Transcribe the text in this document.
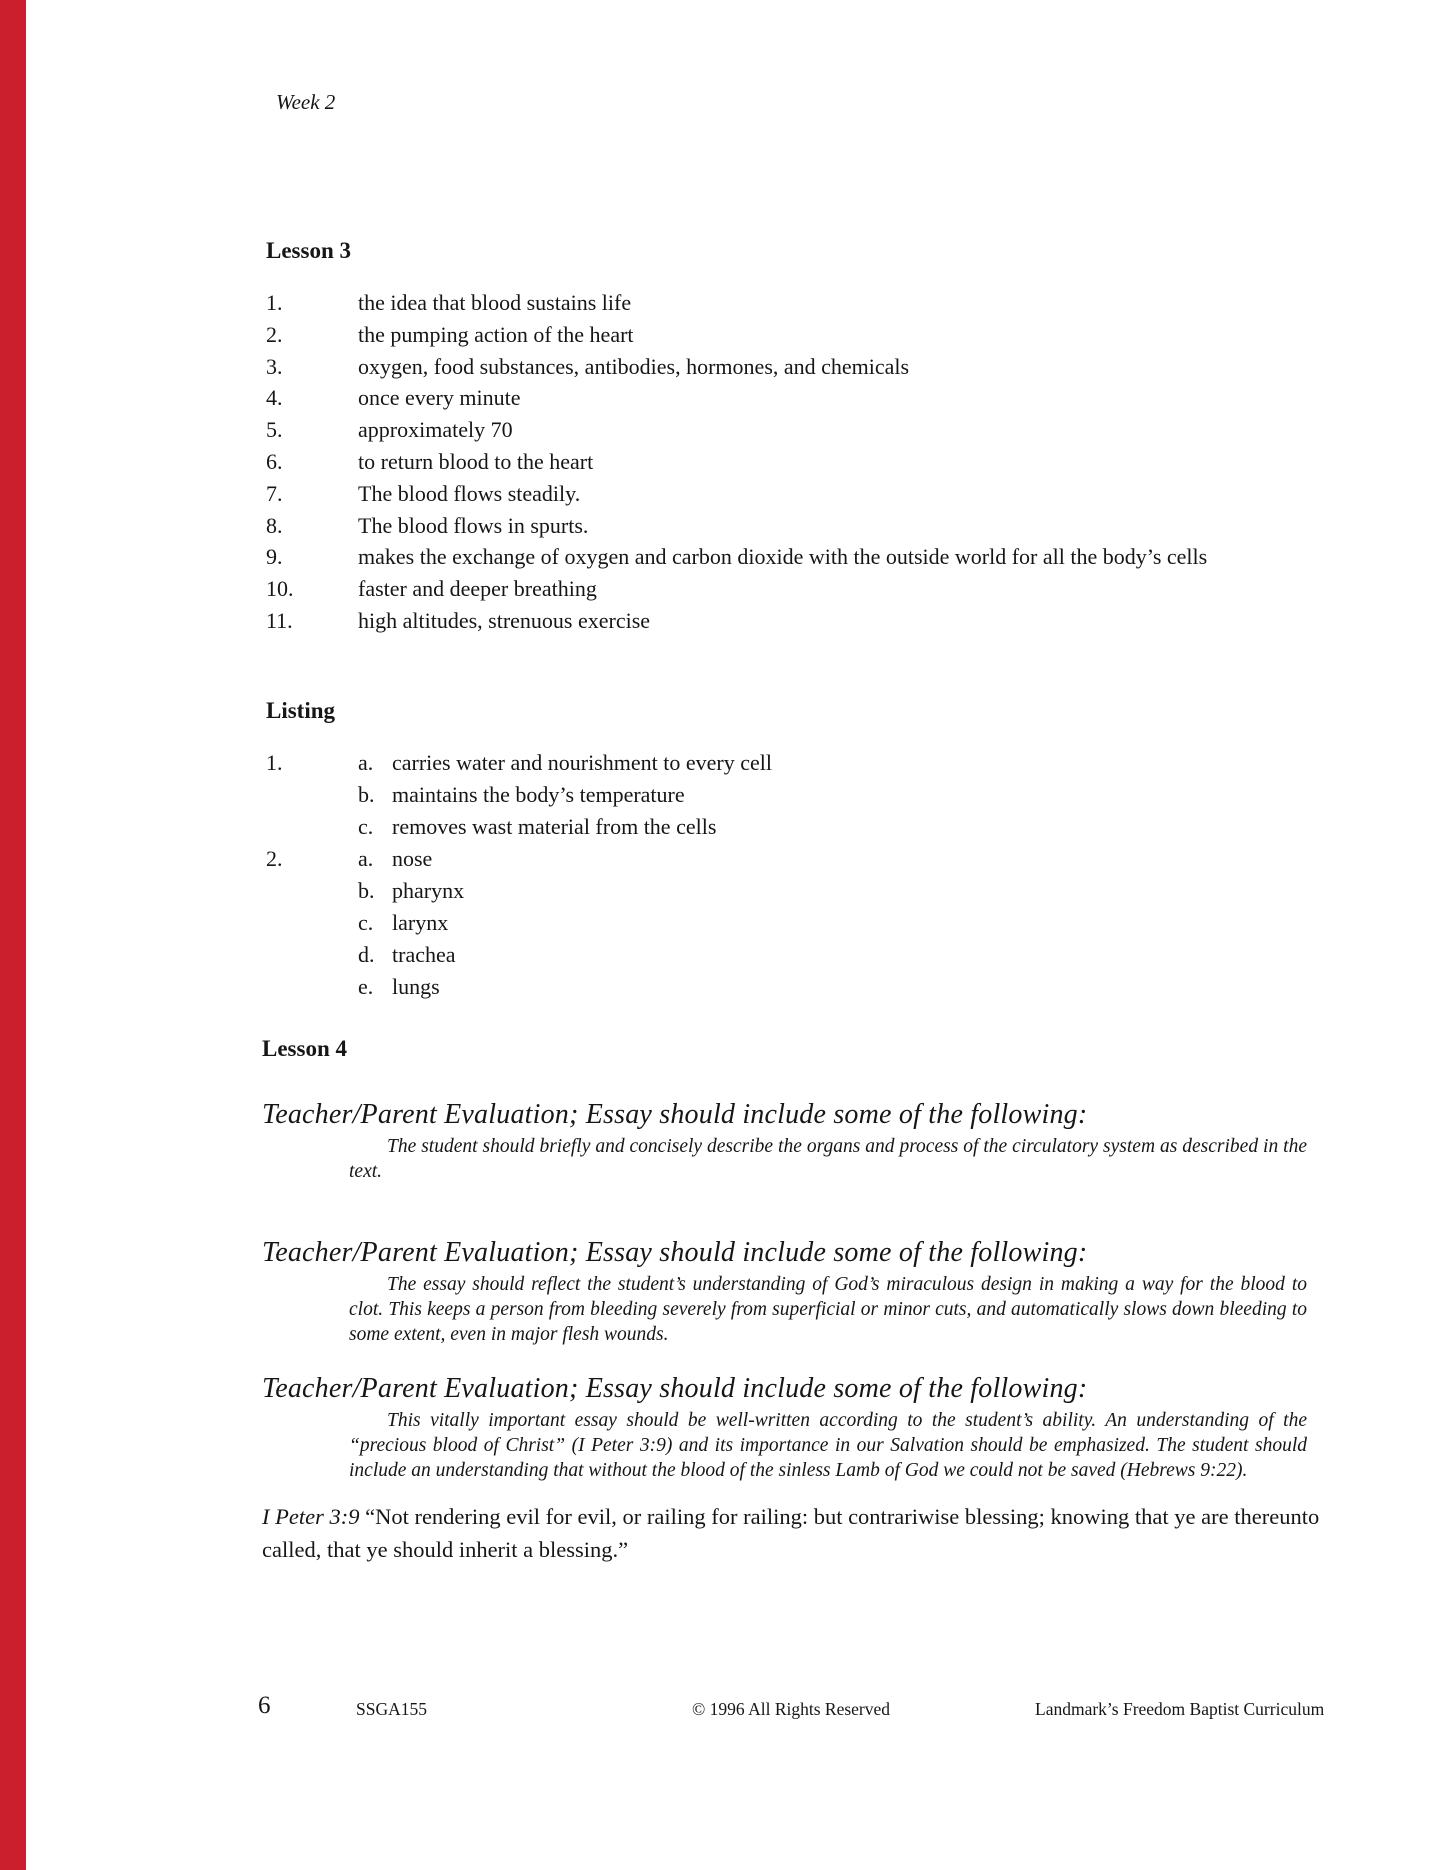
Week 2
Lesson 3
1.	the idea that blood sustains life
2.	the pumping action of the heart
3.	oxygen, food substances, antibodies, hormones, and chemicals
4.	once every minute
5.	approximately 70
6.	to return blood to the heart
7.	The blood flows steadily.
8.	The blood flows in spurts.
9.	makes the exchange of oxygen and carbon dioxide with the outside world for all the body’s cells
10.	faster and deeper breathing
11.	high altitudes, strenuous exercise
Listing
1.	a. carries water and nourishment to every cell
b. maintains the body’s temperature
c. removes wast material from the cells
2.	a. nose
b. pharynx
c. larynx
d. trachea
e. lungs
Lesson 4
Teacher/Parent Evaluation; Essay should include some of the following:

The student should briefly and concisely describe the organs and process of the circulatory system as described in the text.

Teacher/Parent Evaluation; Essay should include some of the following:

The essay should reflect the student’s understanding of God’s miraculous design in making a way for the blood to clot. This keeps a person from bleeding severely from superficial or minor cuts, and automatically slows down bleeding to some extent, even in major flesh wounds.

Teacher/Parent Evaluation; Essay should include some of the following:

This vitally important essay should be well-written according to the student’s ability. An understanding of the “precious blood of Christ” (I Peter 3:9) and its importance in our Salvation should be emphasized. The student should include an understanding that without the blood of the sinless Lamb of God we could not be saved (Hebrews 9:22).

I Peter 3:9 “Not rendering evil for evil, or railing for railing: but contrariwise blessing; knowing that ye are thereunto called, that ye should inherit a blessing.”

6	SSGA155	© 1996 All Rights Reserved	Landmark’s Freedom Baptist Curriculum
